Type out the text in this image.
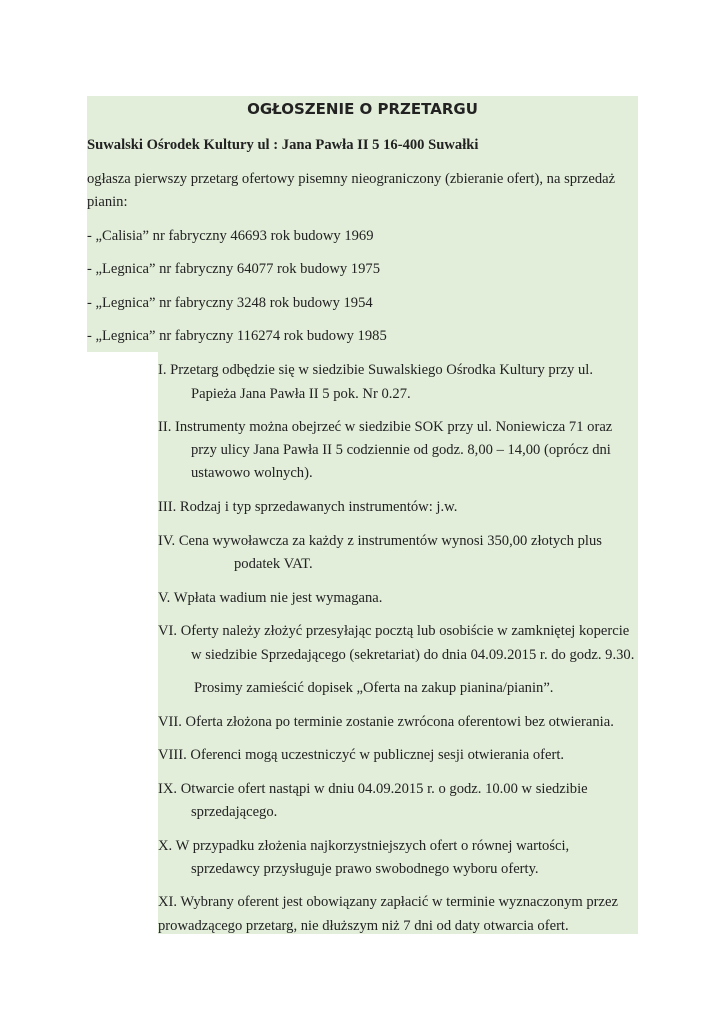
OGŁOSZENIE O PRZETARGU
Suwalski Ośrodek Kultury ul : Jana Pawła II 5 16-400 Suwałki
ogłasza pierwszy przetarg ofertowy pisemny nieograniczony (zbieranie ofert), na sprzedaż
pianin:
- „Calisia” nr fabryczny 46693 rok budowy 1969
- „Legnica” nr fabryczny 64077 rok budowy 1975
- „Legnica” nr fabryczny 3248 rok budowy 1954
- „Legnica” nr fabryczny 116274 rok budowy 1985
I. Przetarg odbędzie się w siedzibie Suwalskiego Ośrodka Kultury przy ul.
Papieża Jana Pawła II 5 pok. Nr 0.27.
II. Instrumenty można obejrzeć w siedzibie SOK przy ul. Noniewicza 71 oraz
przy ulicy Jana Pawła II 5 codziennie od godz. 8,00 – 14,00 (oprócz dni
ustawowo wolnych).
III. Rodzaj i typ sprzedawanych instrumentów: j.w.
IV. Cena wywoławcza za każdy z instrumentów wynosi 350,00 złotych plus
podatek VAT.
V. Wpłata wadium nie jest wymagana.
VI. Oferty należy złożyć przesyłając pocztą lub osobiście w zamkniętej kopercie
w siedzibie Sprzedającego (sekretariat) do dnia 04.09.2015 r. do godz. 9.30.
Prosimy zamieścić dopisek „Oferta na zakup pianina/pianin”.
VII. Oferta złożona po terminie zostanie zwrócona oferentowi bez otwierania.
VIII. Oferenci mogą uczestniczyć w publicznej sesji otwierania ofert.
IX. Otwarcie ofert nastąpi w dniu 04.09.2015 r. o godz. 10.00 w siedzibie
sprzedającego.
X. W przypadku złożenia najkorzystniejszych ofert o równej wartości,
sprzedawcy przysługuje prawo swobodnego wyboru oferty.
XI. Wybrany oferent jest obowiązany zapłacić w terminie wyznaczonym przez
prowadzącego przetarg, nie dłuższym niż 7 dni od daty otwarcia ofert.
